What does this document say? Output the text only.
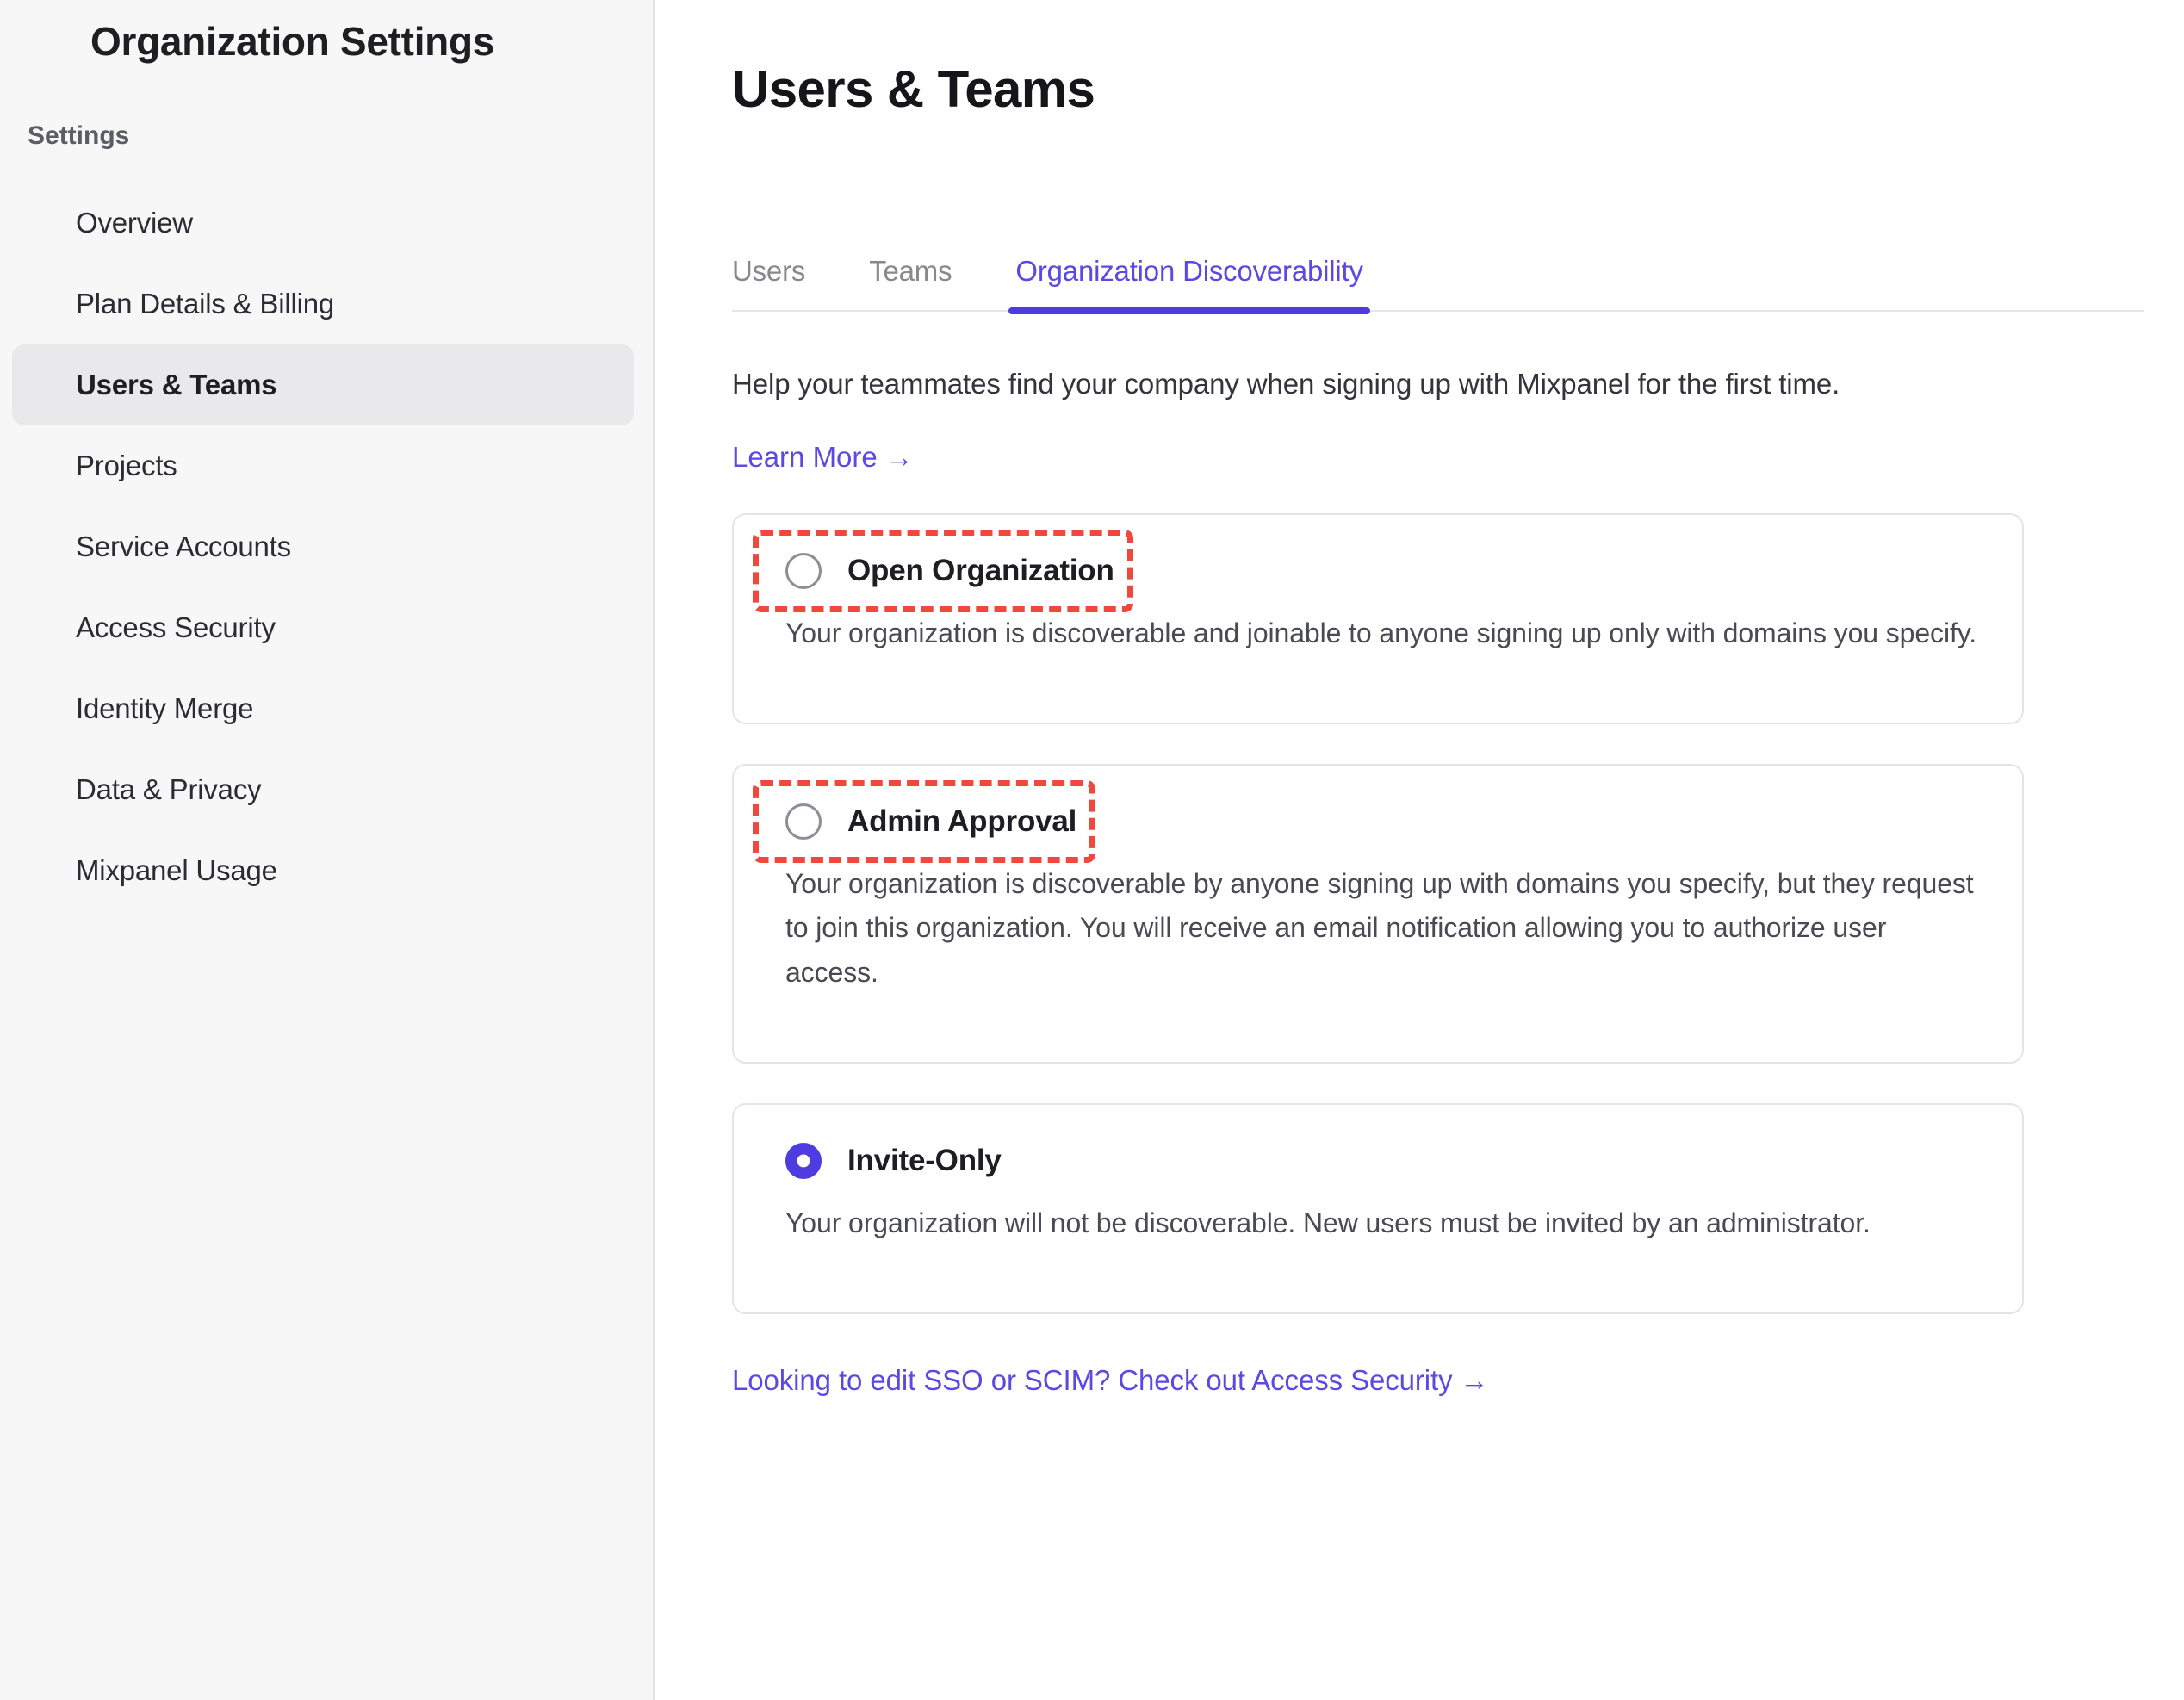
Organization Settings
Settings
Overview
Plan Details & Billing
Users & Teams
Projects
Service Accounts
Access Security
Identity Merge
Data & Privacy
Mixpanel Usage
Users & Teams
Users Teams Organization Discoverability

Help your teammates find your company when signing up with Mixpanel for the first time.

Learn More →
Open Organization

Your organization is discoverable and joinable to anyone signing up only with domains you specify.

Admin Approval

Your organization is discoverable by anyone signing up with domains you specify, but they request to join this organization. You will receive an email notification allowing you to authorize user access.

Invite-Only

Your organization will not be discoverable. New users must be invited by an administrator.

Looking to edit SSO or SCIM? Check out Access Security →
